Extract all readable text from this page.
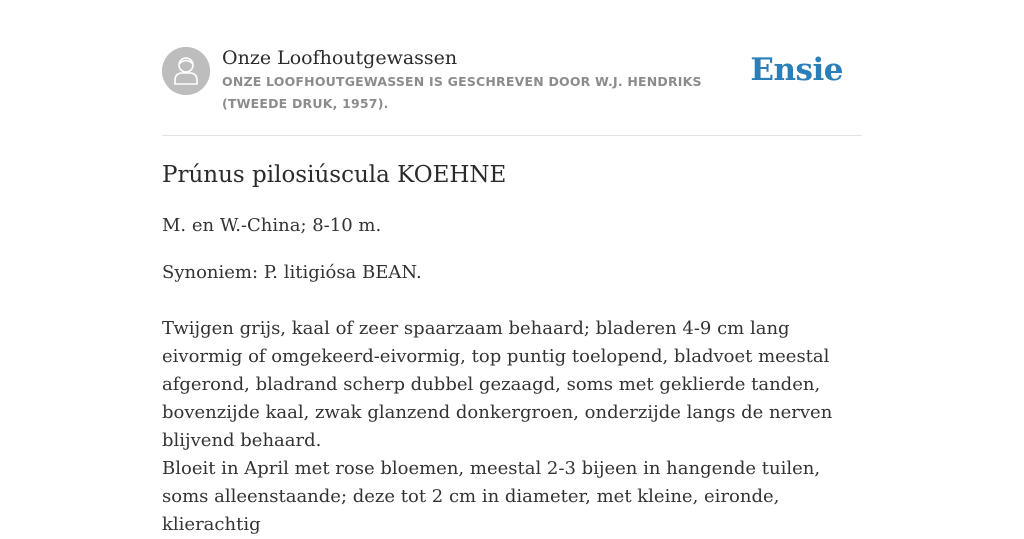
Onze Loofhoutgewassen
ONZE LOOFHOUTGEWASSEN IS GESCHREVEN DOOR W.J. HENDRIKS (TWEEDE DRUK, 1957).
Ensie
Prúnus pilosiúscula KOEHNE

M. en W.-China; 8-10 m.

Synoniem: P. litigiósa BEAN.

Twijgen grijs, kaal of zeer spaarzaam behaard; bladeren 4-9 cm lang eivormig of omgekeerd-eivormig, top puntig toelopend, bladvoet meestal afgerond, bladrand scherp dubbel gezaagd, soms met geklierde tanden, bovenzijde kaal, zwak glanzend donkergroen, onderzijde langs de nerven blijvend behaard.

Bloeit in April met rose bloemen, meestal 2-3 bijeen in hangende tuilen, soms alleenstaande; deze tot 2 cm in diameter, met kleine, eironde, klierachtig
